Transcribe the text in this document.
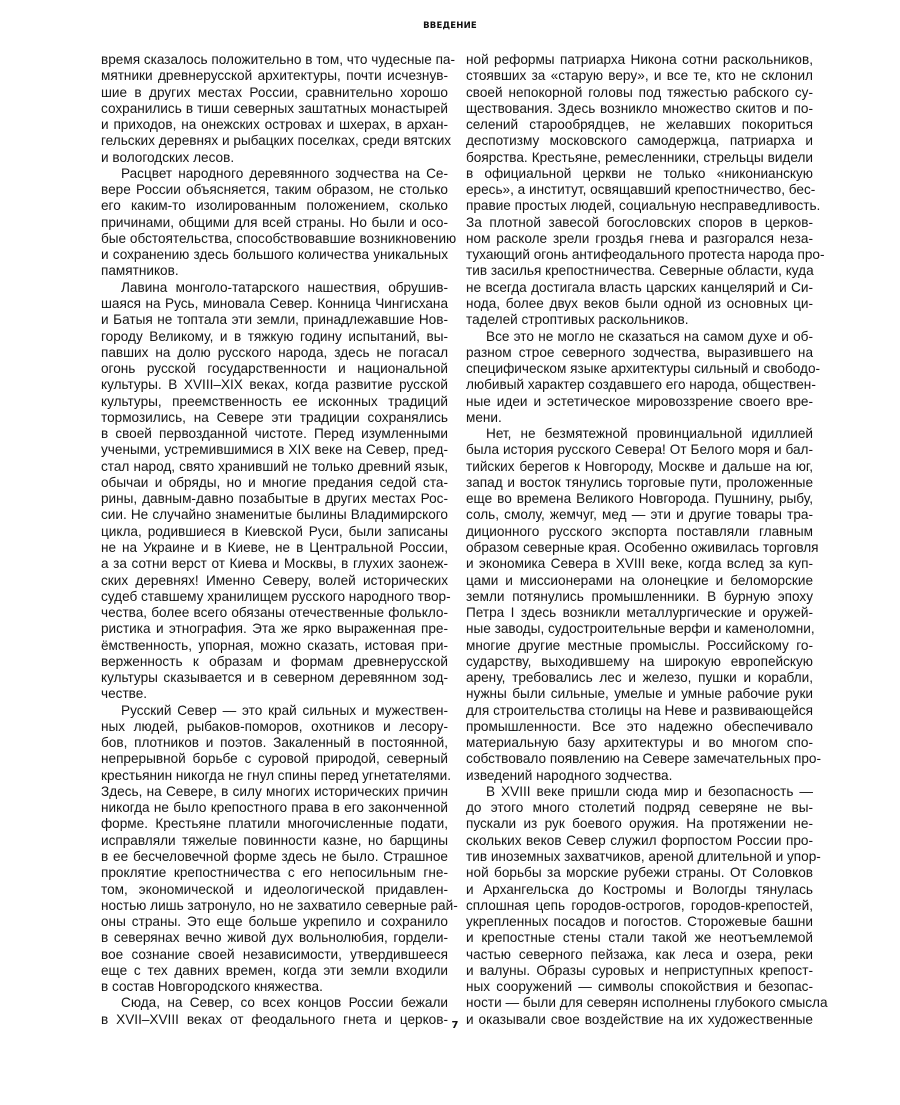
ВВЕДЕНИЕ

время сказалось положительно в том, что чудесные па-
мятники древнерусской архитектуры, почти исчезнув-
шие в других местах России, сравнительно хорошо
сохранились в тиши северных заштатных монастырей
и приходов, на онежских островах и шхерах, в архан-
гельских деревнях и рыбацких поселках, среди вятских
и вологодских лесов.

Расцвет народного деревянного зодчества на Се-
вере России объясняется, таким образом, не столько
его каким-то изолированным положением, сколько
причинами, общими для всей страны. Но были и осо-
бые обстоятельства, способствовавшие возникновению
и сохранению здесь большого количества уникальных
памятников.

Лавина монголо-татарского нашествия, обрушив-
шаяся на Русь, миновала Север. Конница Чингисхана
и Батыя не топтала эти земли, принадлежавшие Нов-
городу Великому, и в тяжкую годину испытаний, вы-
павших на долю русского народа, здесь не погасал
огонь русской государственности и национальной
культуры. В XVIII–XIX веках, когда развитие русской
культуры, преемственность ее исконных традиций
тормозились, на Севере эти традиции сохранялись
в своей первозданной чистоте. Перед изумленными
учеными, устремившимися в XIX веке на Север, пред-
стал народ, свято хранивший не только древний язык,
обычаи и обряды, но и многие предания седой ста-
рины, давным-давно позабытые в других местах Рос-
сии. Не случайно знаменитые былины Владимирского
цикла, родившиеся в Киевской Руси, были записаны
не на Украине и в Киеве, не в Центральной России,
а за сотни верст от Киева и Москвы, в глухих заонеж-
ских деревнях! Именно Северу, волей исторических
судеб ставшему хранилищем русского народного твор-
чества, более всего обязаны отечественные фолькло-
ристика и этнография. Эта же ярко выраженная пре-
ёмственность, упорная, можно сказать, истовая при-
верженность к образам и формам древнерусской
культуры сказывается и в северном деревянном зод-
честве.

Русский Север — это край сильных и мужествен-
ных людей, рыбаков-поморов, охотников и лесору-
бов, плотников и поэтов. Закаленный в постоянной,
непрерывной борьбе с суровой природой, северный
крестьянин никогда не гнул спины перед угнетателями.
Здесь, на Севере, в силу многих исторических причин
никогда не было крепостного права в его законченной
форме. Крестьяне платили многочисленные подати,
исправляли тяжелые повинности казне, но барщины
в ее бесчеловечной форме здесь не было. Страшное
проклятие крепостничества с его непосильным гне-
том, экономической и идеологической придавлен-
ностью лишь затронуло, но не захватило северные рай-
оны страны. Это еще больше укрепило и сохранило
в северянах вечно живой дух вольнолюбия, гордели-
вое сознание своей независимости, утвердившееся
еще с тех давних времен, когда эти земли входили
в состав Новгородского княжества.

Сюда, на Север, со всех концов России бежали
в XVII–XVIII веках от феодального гнета и церков-

ной реформы патриарха Никона сотни раскольников,
стоявших за «старую веру», и все те, кто не склонил
своей непокорной головы под тяжестью рабского су-
ществования. Здесь возникло множество скитов и по-
селений старообрядцев, не желавших покориться
деспотизму московского самодержца, патриарха и
боярства. Крестьяне, ремесленники, стрельцы видели
в официальной церкви не только «никонианскую
ересь», а институт, освящавший крепостничество, бес-
правие простых людей, социальную несправедливость.
За плотной завесой богословских споров в церков-
ном расколе зрели гроздья гнева и разгорался неза-
тухающий огонь антифеодального протеста народа про-
тив засилья крепостничества. Северные области, куда
не всегда достигала власть царских канцелярий и Си-
нода, более двух веков были одной из основных ци-
таделей строптивых раскольников.

Все это не могло не сказаться на самом духе и об-
разном строе северного зодчества, выразившего на
специфическом языке архитектуры сильный и свободо-
любивый характер создавшего его народа, обществен-
ные идеи и эстетическое мировоззрение своего вре-
мени.

Нет, не безмятежной провинциальной идиллией
была история русского Севера! От Белого моря и бал-
тийских берегов к Новгороду, Москве и дальше на юг,
запад и восток тянулись торговые пути, проложенные
еще во времена Великого Новгорода. Пушнину, рыбу,
соль, смолу, жемчуг, мед — эти и другие товары тра-
диционного русского экспорта поставляли главным
образом северные края. Особенно оживилась торговля
и экономика Севера в XVIII веке, когда вслед за куп-
цами и миссионерами на олонецкие и беломорские
земли потянулись промышленники. В бурную эпоху
Петра I здесь возникли металлургические и оружей-
ные заводы, судостроительные верфи и каменоломни,
многие другие местные промыслы. Российскому го-
сударству, выходившему на широкую европейскую
арену, требовались лес и железо, пушки и корабли,
нужны были сильные, умелые и умные рабочие руки
для строительства столицы на Неве и развивающейся
промышленности. Все это надежно обеспечивало
материальную базу архитектуры и во многом спо-
собствовало появлению на Севере замечательных про-
изведений народного зодчества.

В XVIII веке пришли сюда мир и безопасность —
до этого много столетий подряд северяне не вы-
пускали из рук боевого оружия. На протяжении не-
скольких веков Север служил форпостом России про-
тив иноземных захватчиков, ареной длительной и упор-
ной борьбы за морские рубежи страны. От Соловков
и Архангельска до Костромы и Вологды тянулась
сплошная цепь городов-острогов, городов-крепостей,
укрепленных посадов и погостов. Сторожевые башни
и крепостные стены стали такой же неотъемлемой
частью северного пейзажа, как леса и озера, реки
и валуны. Образы суровых и неприступных крепост-
ных сооружений — символы спокойствия и безопас-
ности — были для северян исполнены глубокого смысла
и оказывали свое воздействие на их художественные

7
